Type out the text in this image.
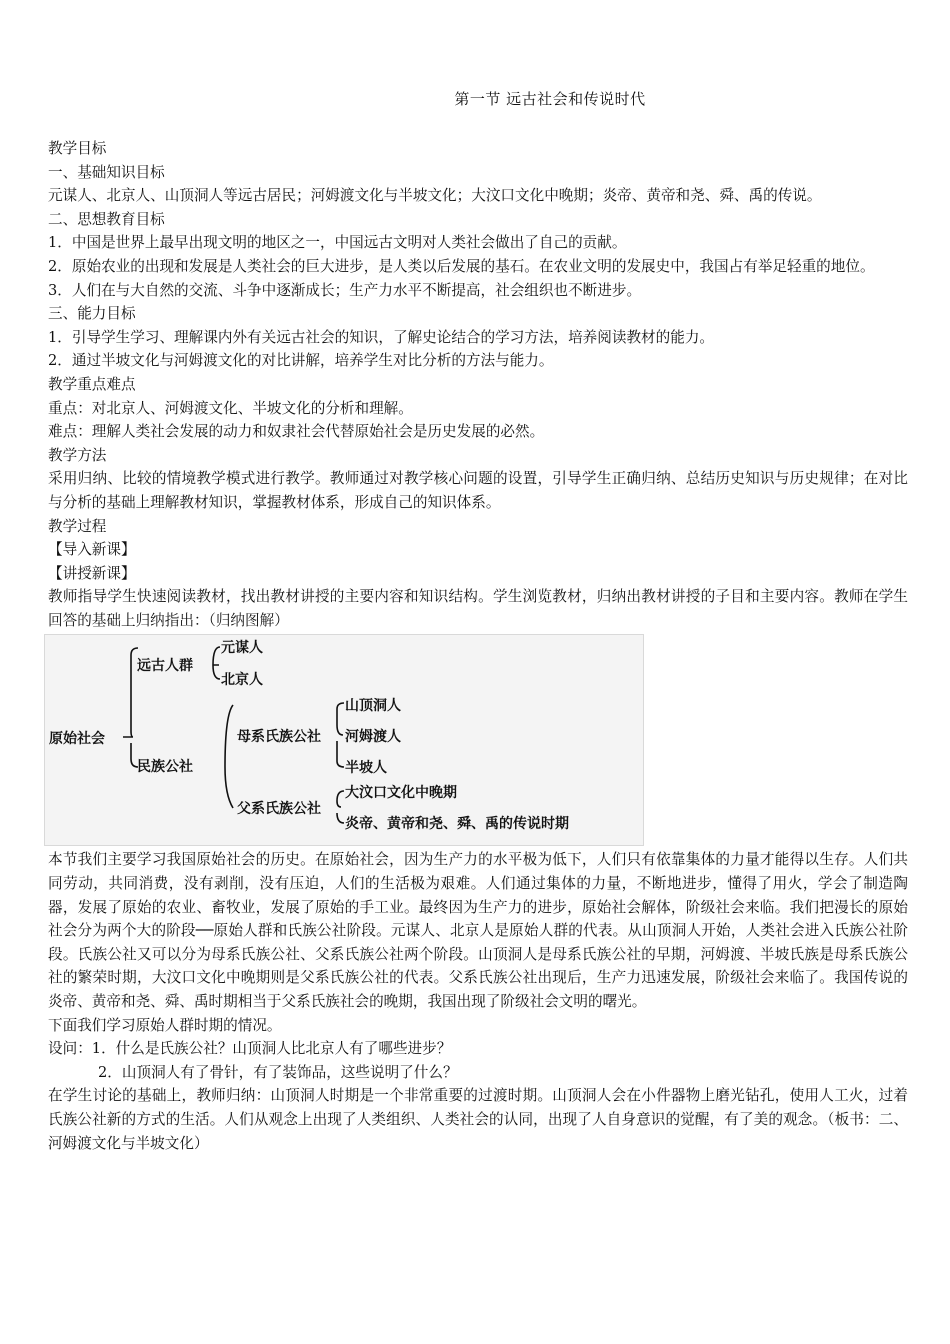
第一节 远古社会和传说时代

教学目标

一、基础知识目标

元谋人、北京人、山顶洞人等远古居民；河姆渡文化与半坡文化；大汶口文化中晚期；炎帝、黄帝和尧、舜、禹的传说。

二、思想教育目标

1．中国是世界上最早出现文明的地区之一，中国远古文明对人类社会做出了自己的贡献。

2．原始农业的出现和发展是人类社会的巨大进步，是人类以后发展的基石。在农业文明的发展史中，我国占有举足轻重的地位。

3．人们在与大自然的交流、斗争中逐渐成长；生产力水平不断提高，社会组织也不断进步。

三、能力目标

1．引导学生学习、理解课内外有关远古社会的知识，了解史论结合的学习方法，培养阅读教材的能力。

2．通过半坡文化与河姆渡文化的对比讲解，培养学生对比分析的方法与能力。

教学重点难点

重点：对北京人、河姆渡文化、半坡文化的分析和理解。

难点：理解人类社会发展的动力和奴隶社会代替原始社会是历史发展的必然。

教学方法

采用归纳、比较的情境教学模式进行教学。教师通过对教学核心问题的设置，引导学生正确归纳、总结历史知识与历史规律；在对比与分析的基础上理解教材知识，掌握教材体系，形成自己的知识体系。

教学过程

【导入新课】

【讲授新课】

教师指导学生快速阅读教材，找出教材讲授的主要内容和知识结构。学生浏览教材，归纳出教材讲授的子目和主要内容。教师在学生回答的基础上归纳指出：（归纳图解）

原始社会
远古人群
元谋人
北京人
民族公社
母系氏族公社
山顶洞人
河姆渡人
半坡人
父系氏族公社
大汶口文化中晚期
炎帝、黄帝和尧、舜、禹的传说时期

本节我们主要学习我国原始社会的历史。在原始社会，因为生产力的水平极为低下，人们只有依靠集体的力量才能得以生存。人们共同劳动，共同消费，没有剥削，没有压迫，人们的生活极为艰难。人们通过集体的力量，不断地进步，懂得了用火，学会了制造陶器，发展了原始的农业、畜牧业，发展了原始的手工业。最终因为生产力的进步，原始社会解体，阶级社会来临。我们把漫长的原始社会分为两个大的阶段──原始人群和氏族公社阶段。元谋人、北京人是原始人群的代表。从山顶洞人开始，人类社会进入氏族公社阶段。氏族公社又可以分为母系氏族公社、父系氏族公社两个阶段。山顶洞人是母系氏族公社的早期，河姆渡、半坡氏族是母系氏族公社的繁荣时期，大汶口文化中晚期则是父系氏族公社的代表。父系氏族公社出现后，生产力迅速发展，阶级社会来临了。我国传说的炎帝、黄帝和尧、舜、禹时期相当于父系氏族社会的晚期，我国出现了阶级社会文明的曙光。

下面我们学习原始人群时期的情况。

设问：1．什么是氏族公社？山顶洞人比北京人有了哪些进步？

2．山顶洞人有了骨针，有了装饰品，这些说明了什么？

在学生讨论的基础上，教师归纳：山顶洞人时期是一个非常重要的过渡时期。山顶洞人会在小件器物上磨光钻孔，使用人工火，过着氏族公社新的方式的生活。人们从观念上出现了人类组织、人类社会的认同，出现了人自身意识的觉醒，有了美的观念。（板书：二、河姆渡文化与半坡文化）
